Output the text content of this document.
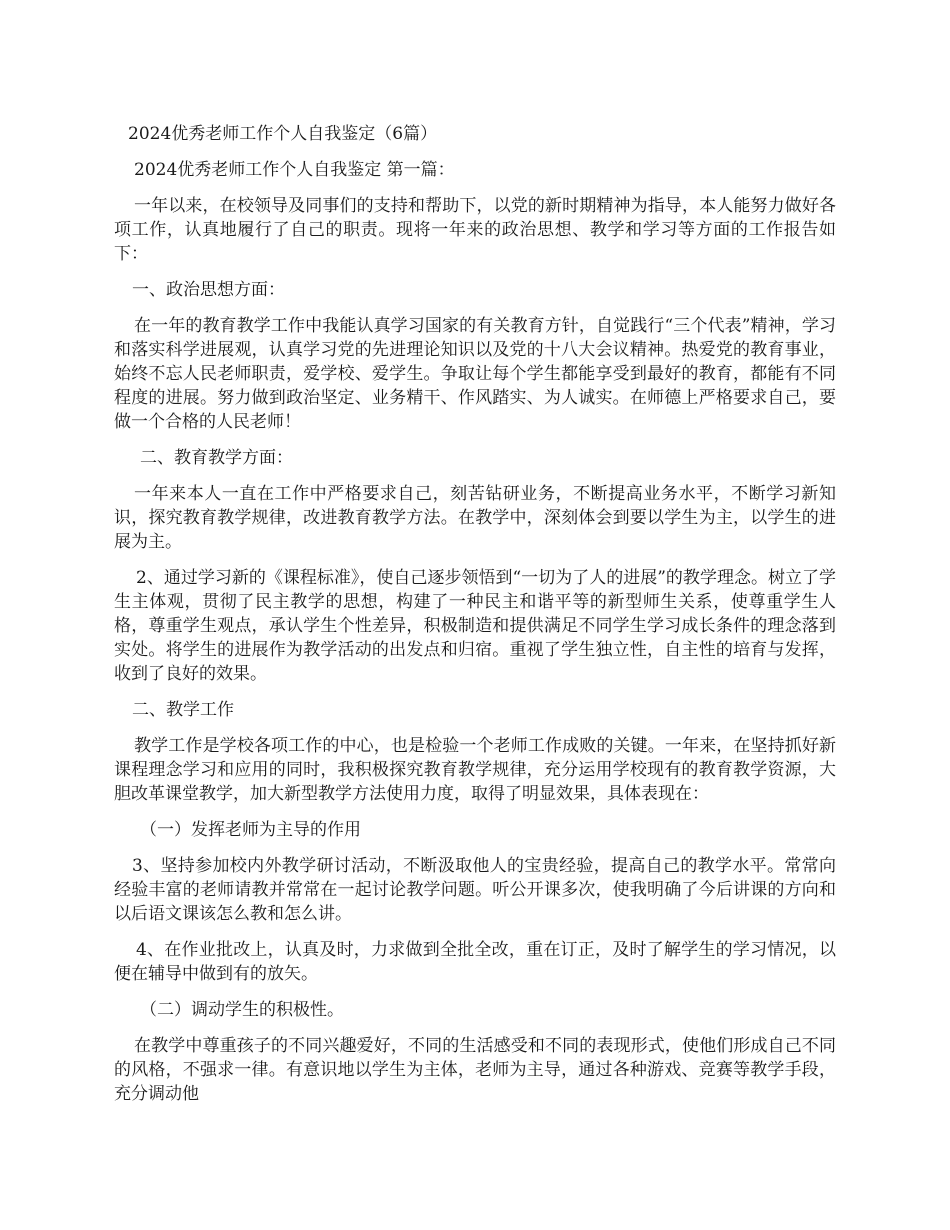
2024优秀老师工作个人自我鉴定（6篇）
2024优秀老师工作个人自我鉴定 第一篇：

一年以来，在校领导及同事们的支持和帮助下，以党的新时期精神为指导，本人能努力做好各项工作，认真地履行了自己的职责。现将一年来的政治思想、教学和学习等方面的工作报告如下：

一、政治思想方面：

在一年的教育教学工作中我能认真学习国家的有关教育方针，自觉践行“三个代表”精神，学习和落实科学进展观，认真学习党的先进理论知识以及党的十八大会议精神。热爱党的教育事业，始终不忘人民老师职责，爱学校、爱学生。争取让每个学生都能享受到最好的教育，都能有不同程度的进展。努力做到政治坚定、业务精干、作风踏实、为人诚实。在师德上严格要求自己，要做一个合格的人民老师！

二、教育教学方面：

一年来本人一直在工作中严格要求自己，刻苦钻研业务，不断提高业务水平，不断学习新知识，探究教育教学规律，改进教育教学方法。在教学中，深刻体会到要以学生为主，以学生的进展为主。

2、通过学习新的《课程标准》，使自己逐步领悟到“一切为了人的进展”的教学理念。树立了学生主体观，贯彻了民主教学的思想，构建了一种民主和谐平等的新型师生关系，使尊重学生人格，尊重学生观点，承认学生个性差异，积极制造和提供满足不同学生学习成长条件的理念落到实处。将学生的进展作为教学活动的出发点和归宿。重视了学生独立性，自主性的培育与发挥，收到了良好的效果。

二、教学工作

教学工作是学校各项工作的中心，也是检验一个老师工作成败的关键。一年来，在坚持抓好新课程理念学习和应用的同时，我积极探究教育教学规律，充分运用学校现有的教育教学资源，大胆改革课堂教学，加大新型教学方法使用力度，取得了明显效果，具体表现在：

（一）发挥老师为主导的作用

3、坚持参加校内外教学研讨活动，不断汲取他人的宝贵经验，提高自己的教学水平。常常向经验丰富的老师请教并常常在一起讨论教学问题。听公开课多次，使我明确了今后讲课的方向和以后语文课该怎么教和怎么讲。

4、在作业批改上，认真及时，力求做到全批全改，重在订正，及时了解学生的学习情况，以便在辅导中做到有的放矢。

（二）调动学生的积极性。

在教学中尊重孩子的不同兴趣爱好，不同的生活感受和不同的表现形式，使他们形成自己不同的风格，不强求一律。有意识地以学生为主体，老师为主导，通过各种游戏、竞赛等教学手段，充分调动他
